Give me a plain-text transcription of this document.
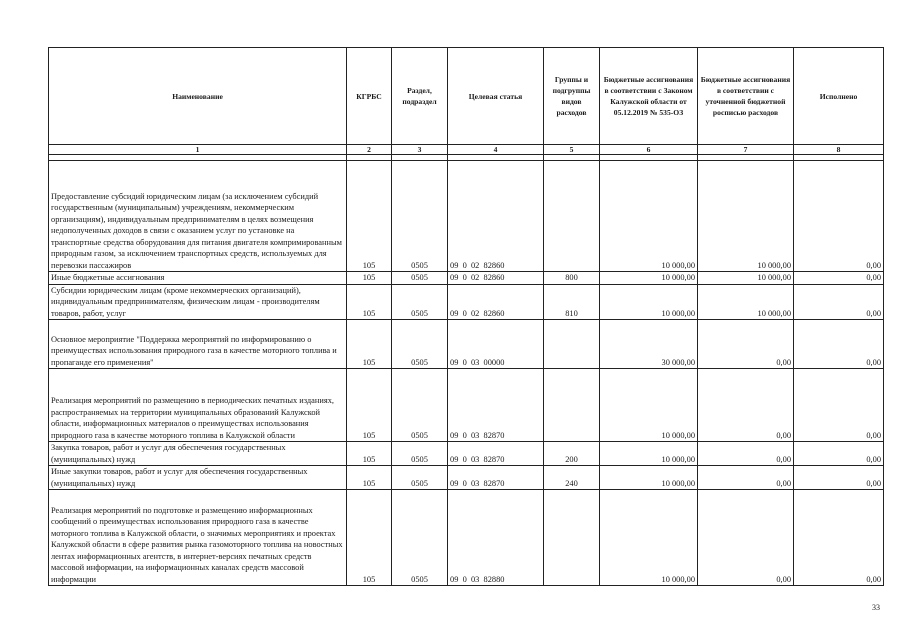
Наименование	КГРБС	Раздел, подраздел	Целевая статья	Группы и подгруппы видов расходов	Бюджетные ассигнования в соответствии с Законом Калужской области от 05.12.2019 № 535-ОЗ	Бюджетные ассигнования в соответствии с уточненной бюджетной росписью расходов	Исполнено
1	2	3	4	5	6	7	8

Предоставление субсидий юридическим лицам (за исключением субсидий государственным (муниципальным) учреждениям, некоммерческим организациям), индивидуальным предпринимателям в целях возмещения недополученных доходов в связи с оказанием услуг по установке на транспортные средства оборудования для питания двигателя компримированным природным газом, за исключением транспортных средств, используемых для перевозки пассажиров	105	0505	09  0  02  82860		10 000,00	10 000,00	0,00
Иные бюджетные ассигнования	105	0505	09  0  02  82860	800	10 000,00	10 000,00	0,00
Субсидии юридическим лицам (кроме некоммерческих организаций), индивидуальным предпринимателям, физическим лицам - производителям товаров, работ, услуг	105	0505	09  0  02  82860	810	10 000,00	10 000,00	0,00
Основное мероприятие "Поддержка мероприятий по информированию о преимуществах использования природного газа в качестве моторного топлива и пропаганде его применения"	105	0505	09  0  03  00000		30 000,00	0,00	0,00
Реализация мероприятий по размещению в периодических печатных изданиях, распространяемых на территории муниципальных образований Калужской области, информационных материалов о преимуществах использования природного газа в качестве моторного топлива в Калужской области	105	0505	09  0  03  82870		10 000,00	0,00	0,00
Закупка товаров, работ и услуг для обеспечения государственных (муниципальных) нужд	105	0505	09  0  03  82870	200	10 000,00	0,00	0,00
Иные закупки товаров, работ и услуг для обеспечения государственных (муниципальных) нужд	105	0505	09  0  03  82870	240	10 000,00	0,00	0,00
Реализация мероприятий по подготовке и размещению информационных сообщений о преимуществах использования природного газа в качестве моторного топлива в Калужской области, о значимых мероприятиях и проектах Калужской области в сфере развития рынка газомоторного топлива на новостных лентах информационных агентств, в интернет-версиях печатных средств массовой информации, на информационных каналах средств массовой информации	105	0505	09  0  03  82880		10 000,00	0,00	0,00
33
